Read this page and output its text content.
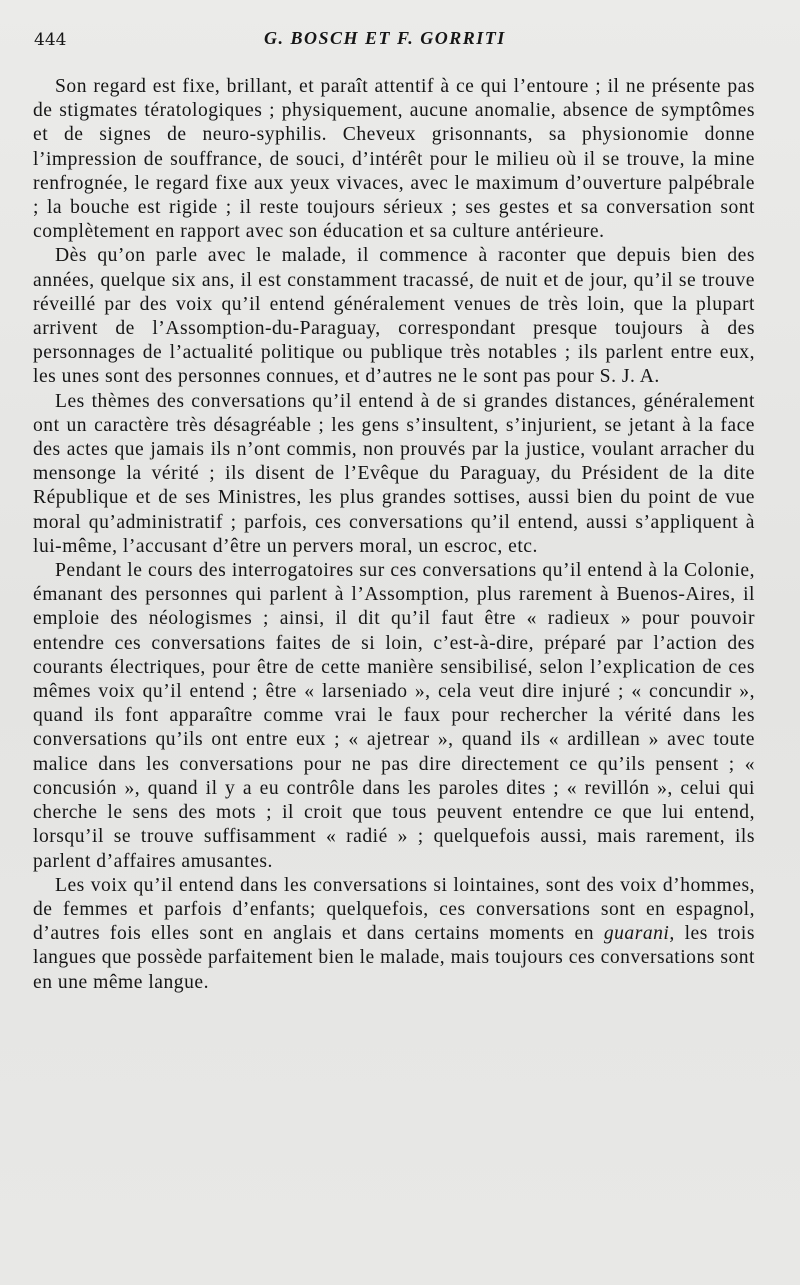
444	G. BOSCH ET F. GORRITI

Son regard est fixe, brillant, et paraît attentif à ce qui l’entoure ; il ne présente pas de stigmates tératologiques ; physiquement, aucune anomalie, absence de symptômes et de signes de neuro-syphilis. Cheveux grisonnants, sa physionomie donne l’impression de souffrance, de souci, d’intérêt pour le milieu où il se trouve, la mine renfrognée, le regard fixe aux yeux vivaces, avec le maximum d’ouverture palpébrale ; la bouche est rigide ; il reste toujours sérieux ; ses gestes et sa conversation sont complètement en rapport avec son éducation et sa culture antérieure.

Dès qu’on parle avec le malade, il commence à raconter que depuis bien des années, quelque six ans, il est constamment tracassé, de nuit et de jour, qu’il se trouve réveillé par des voix qu’il entend généralement venues de très loin, que la plupart arrivent de l’Assomption-du-Paraguay, correspondant presque toujours à des personnages de l’actualité politique ou publique très notables ; ils parlent entre eux, les unes sont des personnes connues, et d’autres ne le sont pas pour S. J. A.

Les thèmes des conversations qu’il entend à de si grandes distances, généralement ont un caractère très désagréable ; les gens s’insultent, s’injurient, se jetant à la face des actes que jamais ils n’ont commis, non prouvés par la justice, voulant arracher du mensonge la vérité ; ils disent de l’Evêque du Paraguay, du Président de la dite République et de ses Ministres, les plus grandes sottises, aussi bien du point de vue moral qu’administratif ; parfois, ces conversations qu’il entend, aussi s’appliquent à lui-même, l’accusant d’être un pervers moral, un escroc, etc.

Pendant le cours des interrogatoires sur ces conversations qu’il entend à la Colonie, émanant des personnes qui parlent à l’Assomption, plus rarement à Buenos-Aires, il emploie des néologismes ; ainsi, il dit qu’il faut être « radieux » pour pouvoir entendre ces conversations faites de si loin, c’est-à-dire, préparé par l’action des courants électriques, pour être de cette manière sensibilisé, selon l’explication de ces mêmes voix qu’il entend ; être « larseniado », cela veut dire injuré ; « concundir », quand ils font apparaître comme vrai le faux pour rechercher la vérité dans les conversations qu’ils ont entre eux ; « ajetrear », quand ils « ardillean » avec toute malice dans les conversations pour ne pas dire directement ce qu’ils pensent ; « concusión », quand il y a eu contrôle dans les paroles dites ; « revillón », celui qui cherche le sens des mots ; il croit que tous peuvent entendre ce que lui entend, lorsqu’il se trouve suffisamment « radié » ; quelquefois aussi, mais rarement, ils parlent d’affaires amusantes.

Les voix qu’il entend dans les conversations si lointaines, sont des voix d’hommes, de femmes et parfois d’enfants; quelquefois, ces conversations sont en espagnol, d’autres fois elles sont en anglais et dans certains moments en guarani, les trois langues que possède parfaitement bien le malade, mais toujours ces conversations sont en une même langue.
